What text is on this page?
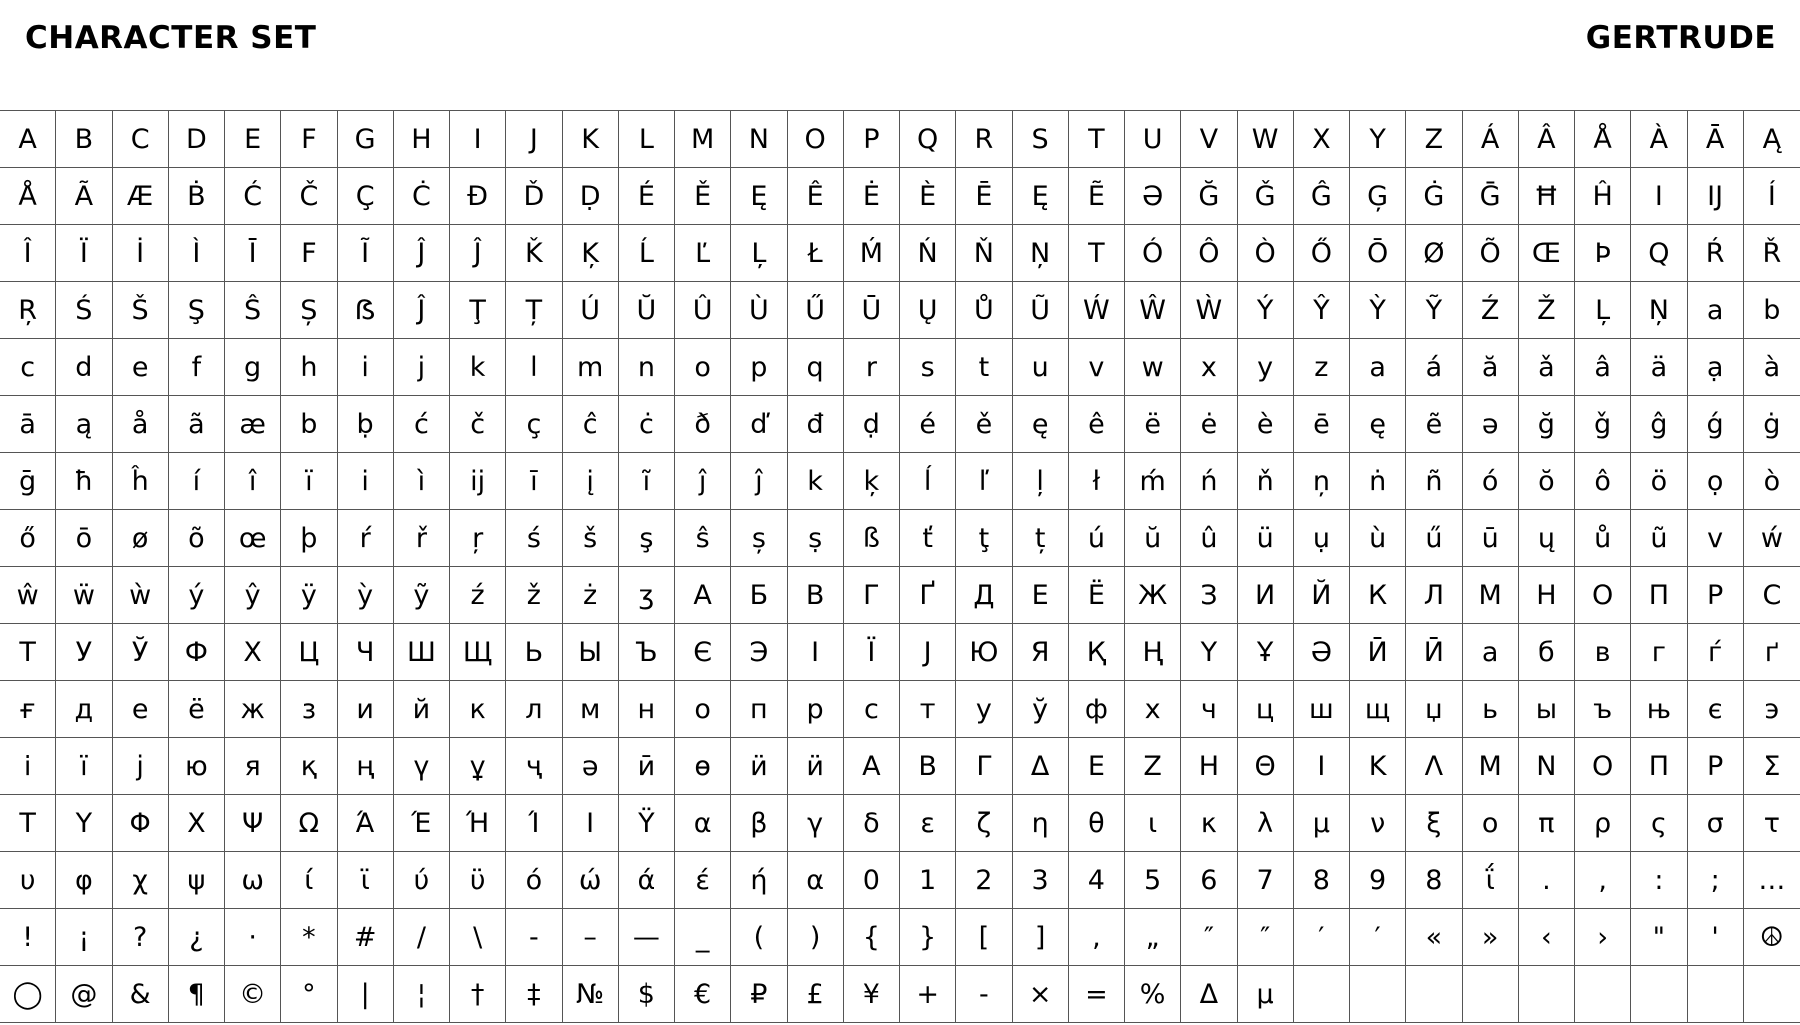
CHARACTER SET	GERTRUDE
A	B	C	D	E	F	G	H	I	J	K	L	M	N	O	P	Q	R	S	T	U	V	W	X	Y	Z	Á	Â	Å	À	Ā	Ą
Å	Ã	Æ	Ḃ	Ć	Č	Ç	Ċ	Đ	Ď	Ḍ	É	Ě	Ę	Ê	Ė	È	Ē	Ę	Ẽ	Ə	Ğ	Ǧ	Ĝ	Ģ	Ġ	Ḡ	Ħ	Ĥ	I	IJ	Í
Î	Ï	İ	Ì	Ī	F	Ĩ	Ĵ	Ĵ	Ǩ	Ķ	Ĺ	Ľ	Ļ	Ł	Ḿ	Ń	Ň	Ņ	T	Ó	Ô	Ò	Ő	Ō	Ø	Õ	Œ	Þ	Q	Ŕ	Ř
Ŗ	Ś	Š	Ş	Ŝ	Ș	ẞ	Ĵ	Ţ	Ț	Ú	Ŭ	Û	Ù	Ű	Ū	Ų	Ů	Ũ	Ẃ	Ŵ	Ẁ	Ý	Ŷ	Ỳ	Ỹ	Ź	Ž	Ļ	Ņ	a	b
c	d	e	f	g	h	i	j	k	l	m	n	o	p	q	r	s	t	u	v	w	x	y	z	a	á	ă	ǎ	â	ä	ạ	à
ā	ą	å	ã	æ	b	ḅ	ć	č	ç	ĉ	ċ	ð	ď	đ	ḍ	é	ě	ę	ê	ë	ė	è	ē	ę	ẽ	ə	ğ	ǧ	ĝ	ǵ	ġ
ḡ	ħ	ĥ	í	î	ï	i	ì	ij	ī	į	ĩ	ĵ	ĵ	k	ķ	ĺ	ľ	ļ	ł	ḿ	ń	ň	ņ	ṅ	ñ	ó	ŏ	ô	ö	ọ	ò
ő	ō	ø	õ	œ	þ	ŕ	ř	ŗ	ś	š	ş	ŝ	ș	ṣ	ß	ť	ţ	ț	ú	ŭ	û	ü	ụ	ù	ű	ū	ų	ů	ũ	v	ẃ
ŵ	ẅ	ẁ	ý	ŷ	ÿ	ỳ	ỹ	ź	ž	ż	ʒ	А	Б	В	Г	Ґ	Д	Е	Ё	Ж	З	И	Й	К	Л	М	Н	О	П	Р	С
Т	У	Ў	Ф	Х	Ц	Ч	Ш	Щ	Ь	Ы	Ъ	Є	Э	І	Ї	Ј	Ю	Я	Қ	Ң	Ү	Ұ	Ә	Ӣ	Ӣ	а	б	в	г	ѓ	ґ
ғ	д	е	ё	ж	з	и	й	к	л	м	н	о	п	р	с	т	у	ў	ф	х	ч	ц	ш	щ	џ	ь	ы	ъ	њ	є	э
і	ї	ј	ю	я	қ	ң	ү	ұ	ҷ	ә	ӣ	ө	ӥ	ӥ	Α	Β	Γ	Δ	Ε	Ζ	Η	Θ	Ι	Κ	Λ	Μ	Ν	Ο	Π	Ρ	Σ
Τ	Υ	Φ	Χ	Ψ	Ω	Ά	Έ	Ή	Ί	Ι	Ϋ	α	β	γ	δ	ε	ζ	η	θ	ι	κ	λ	μ	ν	ξ	ο	π	ρ	ς	σ	τ
υ	φ	χ	ψ	ω	ί	ϊ	ύ	ϋ	ό	ώ	ά	έ	ή	α	0	1	2	3	4	5	6	7	8	9	8	ΐ	.	,	:	;	…
!	¡	?	¿	·	*	#	/	\	-	–	—	_	(	)	{	}	[	]	,	„	″	″	′	′	«	»	‹	›	"	'	☮
◯	@	&	¶	©	°	|	¦	†	‡	№	$	€	₽	£	¥	+	-	×	=	%	Δ	µ
